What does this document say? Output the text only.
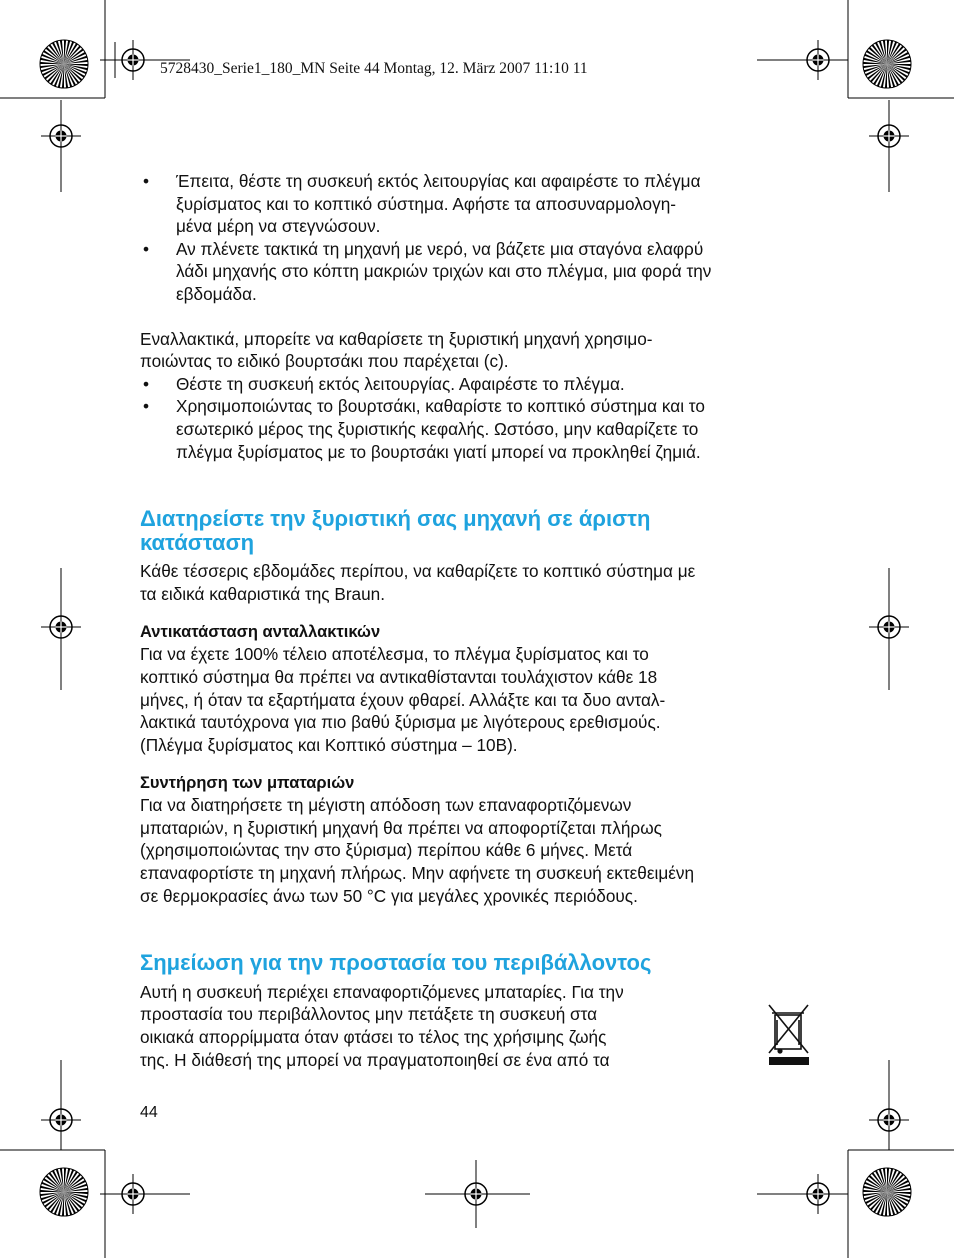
5728430_Serie1_180_MN Seite 44 Montag, 12. März 2007 11:10 11
• Έπειτα, θέστε τη συσκευή εκτός λειτουργίας και αφαιρέστε το πλέγμα
ξυρίσματος και το κοπτικό σύστημα. Αφήστε τα αποσυναρμολογη-
μένα μέρη να στεγνώσουν.
• Αν πλένετε τακτικά τη μηχανή με νερό, να βάζετε μια σταγόνα ελαφρύ
λάδι μηχανής στο κόπτη μακριών τριχών και στο πλέγμα, μια φορά την
εβδομάδα.
Εναλλακτικά, μπορείτε να καθαρίσετε τη ξυριστική μηχανή χρησιμο-
ποιώντας το ειδικό βουρτσάκι που παρέχεται (c).
• Θέστε τη συσκευή εκτός λειτουργίας. Αφαιρέστε το πλέγμα.
• Χρησιμοποιώντας το βουρτσάκι, καθαρίστε το κοπτικό σύστημα και το
εσωτερικό μέρος της ξυριστικής κεφαλής. Ωστόσο, μην καθαρίζετε το
πλέγμα ξυρίσματος με το βουρτσάκι γιατί μπορεί να προκληθεί ζημιά.
Διατηρείστε την ξυριστική σας μηχανή σε άριστη
κατάσταση
Κάθε τέσσερις εβδομάδες περίπου, να καθαρίζετε το κοπτικό σύστημα με
τα ειδικά καθαριστικά της Braun.
Αντικατάσταση ανταλλακτικών
Για να έχετε 100% τέλειο αποτέλεσμα, το πλέγμα ξυρίσματος και το
κοπτικό σύστημα θα πρέπει να αντικαθίστανται τουλάχιστον κάθε 18
μήνες, ή όταν τα εξαρτήματα έχουν φθαρεί. Αλλάξτε και τα δυο ανταλ-
λακτικά ταυτόχρονα για πιο βαθύ ξύρισμα με λιγότερους ερεθισμούς.
(Πλέγμα ξυρίσματος και Κοπτικό σύστημα – 10B).
Συντήρηση των μπαταριών
Για να διατηρήσετε τη μέγιστη απόδοση των επαναφορτιζόμενων
μπαταριών, η ξυριστική μηχανή θα πρέπει να αποφορτίζεται πλήρως
(χρησιμοποιώντας την στο ξύρισμα) περίπου κάθε 6 μήνες. Μετά
επαναφορτίστε τη μηχανή πλήρως. Μην αφήνετε τη συσκευή εκτεθειμένη
σε θερμοκρασίες άνω των 50 °C για μεγάλες χρονικές περιόδους.
Σημείωση για την προστασία του περιβάλλοντος
Αυτή η συσκευή περιέχει επαναφορτιζόμενες μπαταρίες. Για την
προστασία του περιβάλλοντος μην πετάξετε τη συσκευή στα
οικιακά απορρίμματα όταν φτάσει το τέλος της χρήσιμης ζωής
της. Η διάθεσή της μπορεί να πραγματοποιηθεί σε ένα από τα
44
